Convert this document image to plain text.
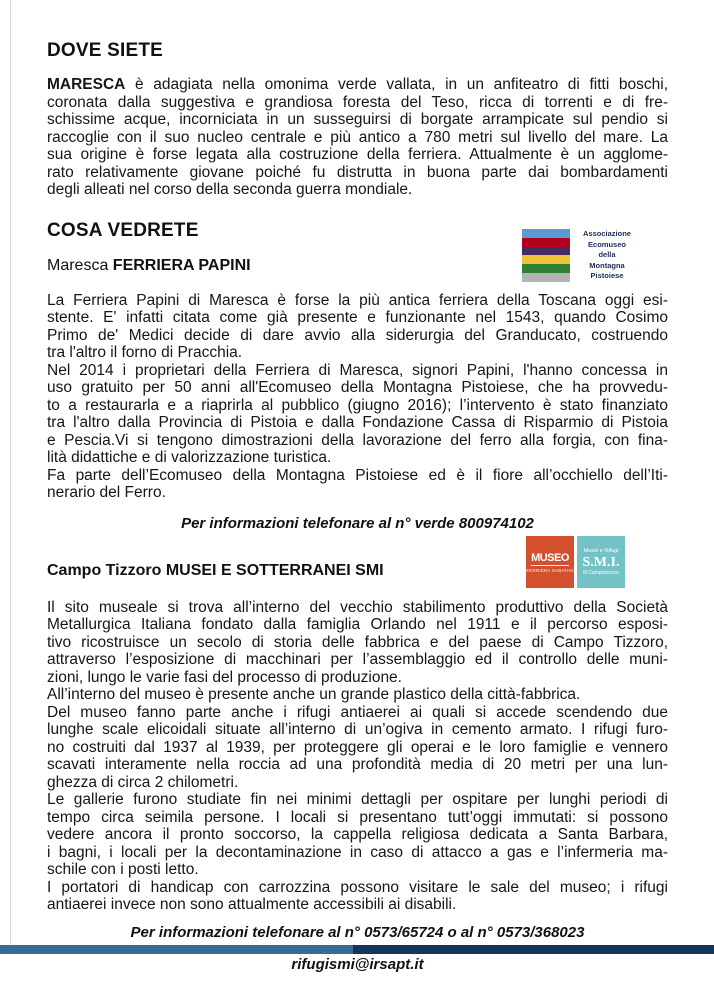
DOVE SIETE
MARESCA è adagiata nella omonima verde vallata, in un anfiteatro di fitti boschi,
coronata dalla suggestiva e grandiosa foresta del Teso, ricca di torrenti e di fre-
schissime acque, incorniciata in un susseguirsi di borgate arrampicate sul pendio si
raccoglie con il suo nucleo centrale e più antico a 780 metri sul livello del mare. La
sua origine è forse legata alla costruzione della ferriera. Attualmente è un agglome-
rato relativamente giovane poiché fu distrutta in buona parte dai bombardamenti
degli alleati nel corso della seconda guerra mondiale.
COSA VEDRETE

Maresca FERRIERA PAPINI

La Ferriera Papini di Maresca è forse la più antica ferriera della Toscana oggi esi-
stente. E' infatti citata come già presente e funzionante nel 1543, quando Cosimo
Primo de' Medici decide di dare avvio alla siderurgia del Granducato, costruendo
tra l'altro il forno di Pracchia.
Nel 2014 i proprietari della Ferriera di Maresca, signori Papini, l'hanno concessa in
uso gratuito per 50 anni all'Ecomuseo della Montagna Pistoiese, che ha provvedu-
to a restaurarla e a riaprirla al pubblico (giugno 2016); l’intervento è stato finanziato
tra l'altro dalla Provincia di Pistoia e dalla Fondazione Cassa di Risparmio di Pistoia
e Pescia.Vi si tengono dimostrazioni della lavorazione del ferro alla forgia, con fina-
lità didattiche e di valorizzazione turistica.
Fa parte dell’Ecomuseo della Montagna Pistoiese ed è il fiore all’occhiello dell’Iti-
nerario del Ferro.

Per informazioni telefonare al n° verde 800974102

Campo Tizzoro MUSEI E SOTTERRANEI SMI

Il sito museale si trova all’interno del vecchio stabilimento produttivo della Società
Metallurgica Italiana fondato dalla famiglia Orlando nel 1911 e il percorso esposi-
tivo ricostruisce un secolo di storia delle fabbrica e del paese di Campo Tizzoro,
attraverso l’esposizione di macchinari per l’assemblaggio ed il controllo delle muni-
zioni, lungo le varie fasi del processo di produzione.
All’interno del museo è presente anche un grande plastico della città-fabbrica.
Del museo fanno parte anche i rifugi antiaerei ai quali si accede scendendo due
lunghe scale elicoidali situate all’interno di un’ogiva in cemento armato. I rifugi furo-
no costruiti dal 1937 al 1939, per proteggere gli operai e le loro famiglie e vennero
scavati interamente nella roccia ad una profondità media di 20 metri per una lun-
ghezza di circa 2 chilometri.
Le gallerie furono studiate fin nei minimi dettagli per ospitare per lunghi periodi di
tempo circa seimila persone. I locali si presentano tutt’oggi immutati: si possono
vedere ancora il pronto soccorso, la cappella religiosa dedicata a Santa Barbara,
i bagni, i locali per la decontaminazione in caso di attacco a gas e l’infermeria ma-
schile con i posti letto.
I portatori di handicap con carrozzina possono visitare le sale del museo; i rifugi
antiaerei invece non sono attualmente accessibili ai disabili.

Per informazioni telefonare al n° 0573/65724 o al n° 0573/368023

rifugismi@irsapt.it

Associazione
Ecomuseo
della
Montagna
Pistoiese
MUSEO
FERRIERA SABATINI
Musei e Rifugi
S.M.I.
di Campotizzoro
